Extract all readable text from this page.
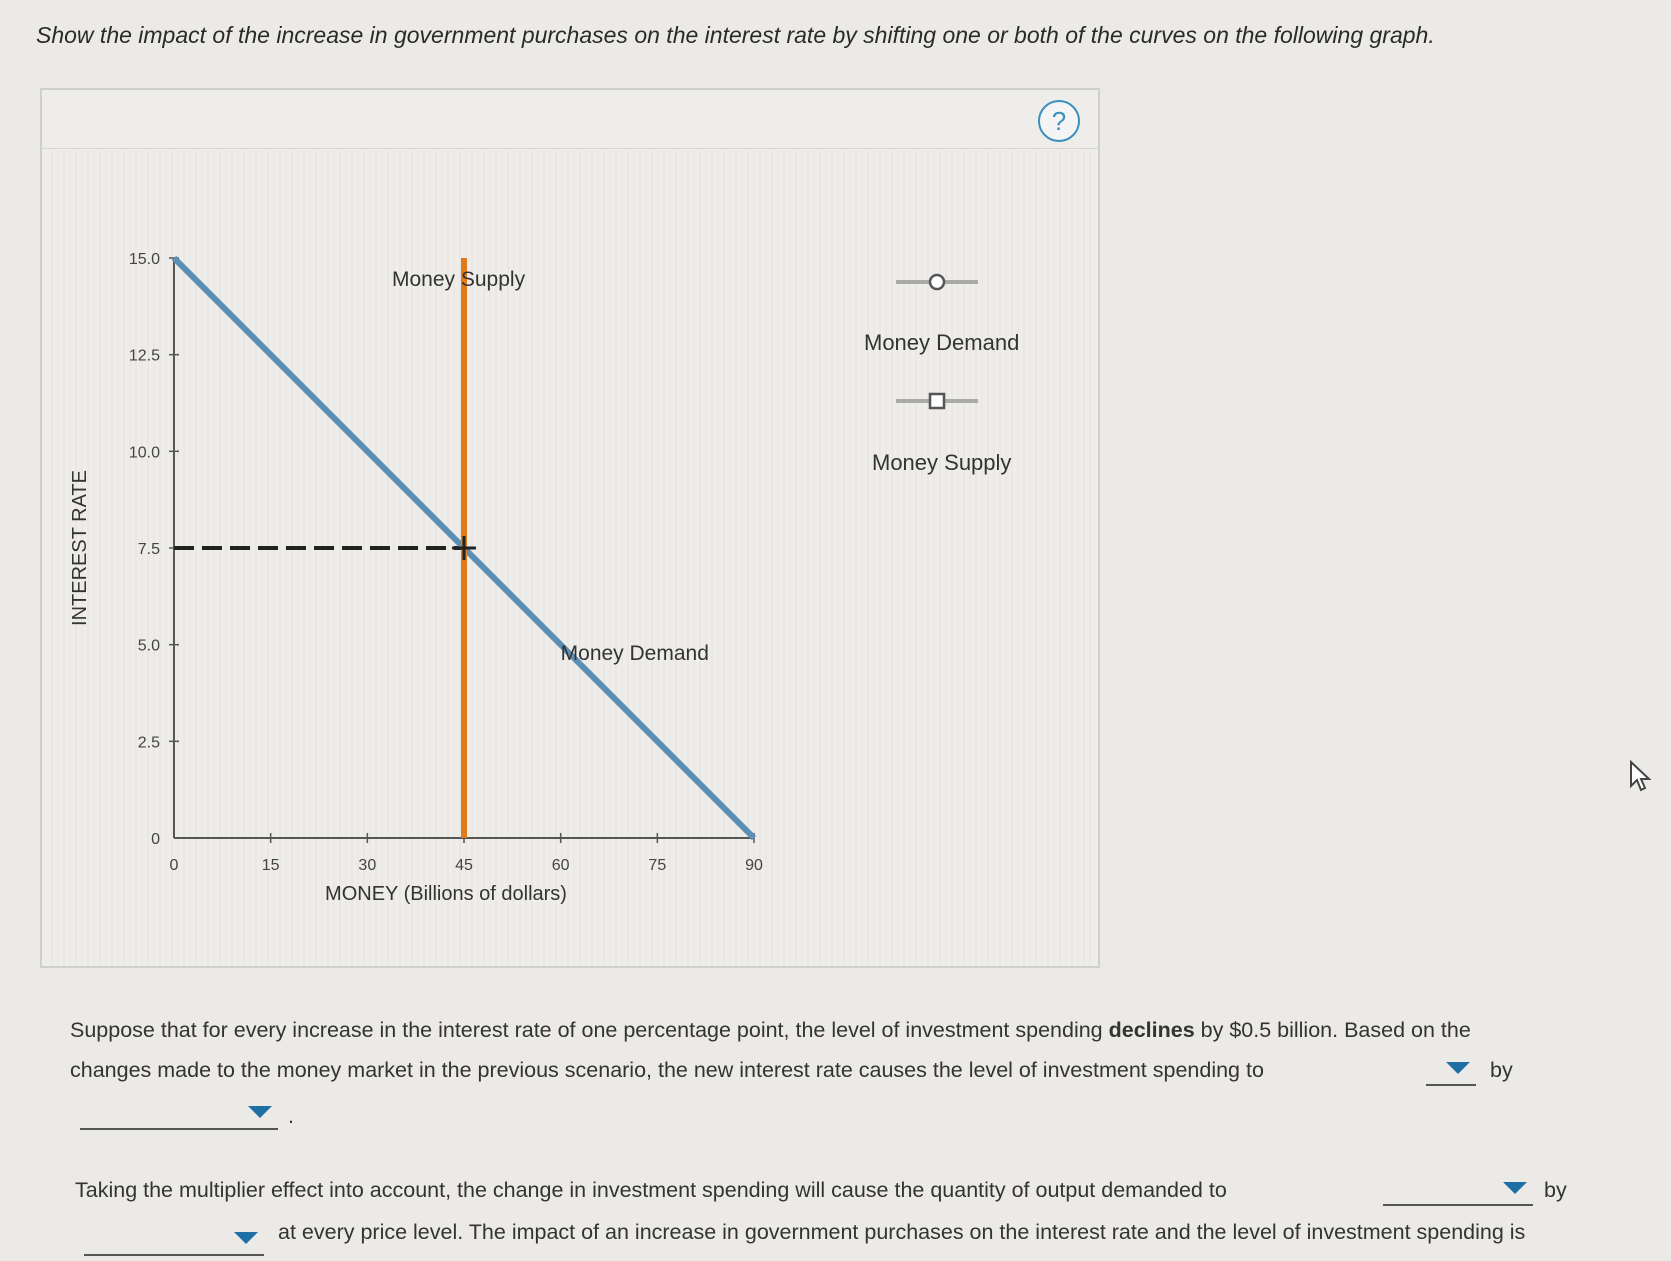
Show the impact of the increase in government purchases on the interest rate by shifting one or both of the curves on the following graph.
?
0
2.5
5.0
7.5
10.0
12.5
15.0
0	15	30	45	60	75	90
MONEY (Billions of dollars)
INTEREST RATE
Money Supply
Money Demand
Money Demand
Money Supply
Suppose that for every increase in the interest rate of one percentage point, the level of investment spending declines by $0.5 billion. Based on the
changes made to the money market in the previous scenario, the new interest rate causes the level of investment spending to	by
.
Taking the multiplier effect into account, the change in investment spending will cause the quantity of output demanded to	by
at every price level. The impact of an increase in government purchases on the interest rate and the level of investment spending is
